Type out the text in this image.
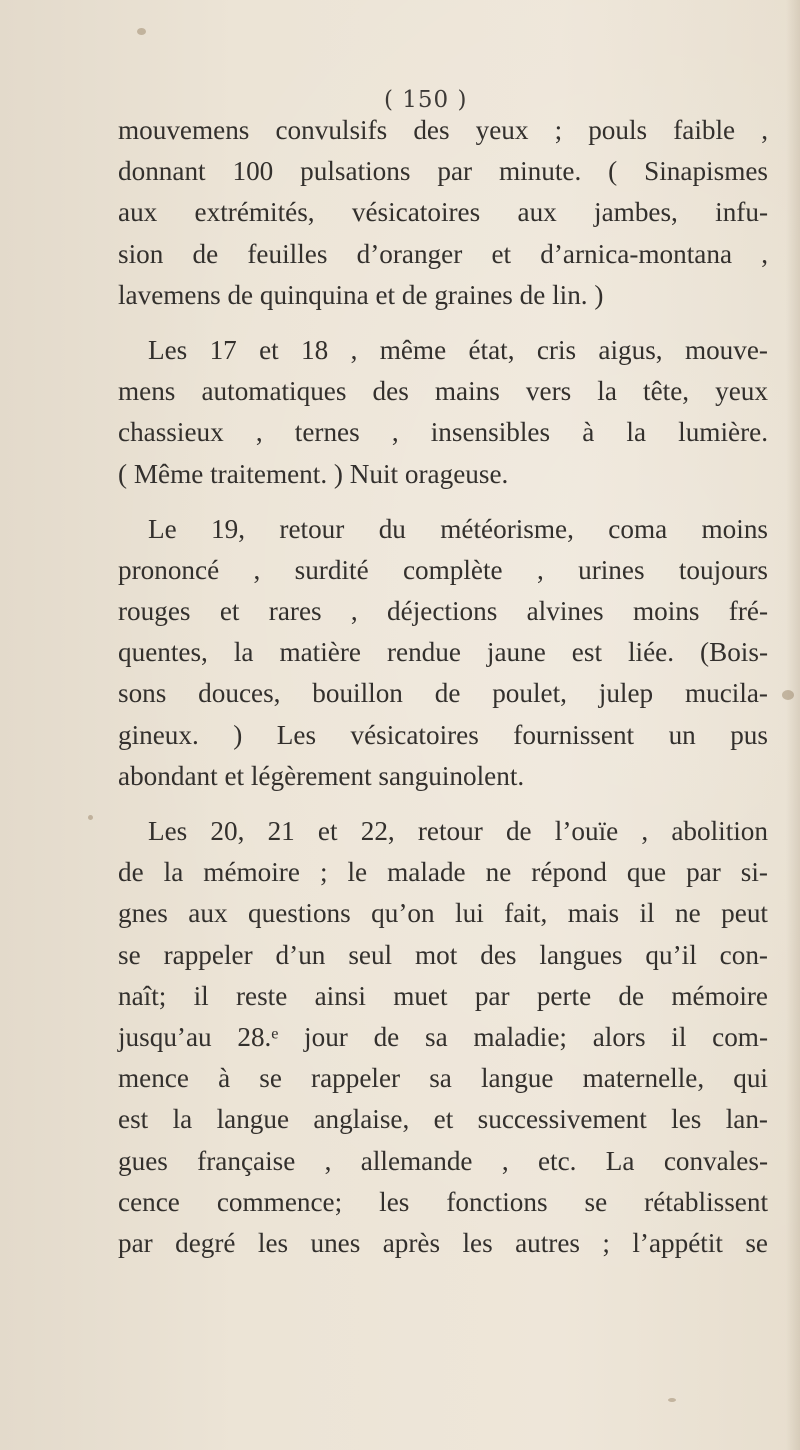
( 150 )
mouvemens convulsifs des yeux ; pouls faible ,
donnant 100 pulsations par minute. ( Sinapismes
aux extrémités, vésicatoires aux jambes, infu-
sion de feuilles d’oranger et d’arnica-montana ,
lavemens de quinquina et de graines de lin. )
Les 17 et 18 , même état, cris aigus, mouve-
mens automatiques des mains vers la tête, yeux
chassieux , ternes , insensibles à la lumière.
( Même traitement. ) Nuit orageuse.
Le 19, retour du météorisme, coma moins
prononcé , surdité complète , urines toujours
rouges et rares , déjections alvines moins fré-
quentes, la matière rendue jaune est liée. (Bois-
sons douces, bouillon de poulet, julep mucila-
gineux. ) Les vésicatoires fournissent un pus
abondant et légèrement sanguinolent.
Les 20, 21 et 22, retour de l’ouïe , abolition
de la mémoire ; le malade ne répond que par si-
gnes aux questions qu’on lui fait, mais il ne peut
se rappeler d’un seul mot des langues qu’il con-
naît; il reste ainsi muet par perte de mémoire
jusqu’au 28.ᵉ jour de sa maladie; alors il com-
mence à se rappeler sa langue maternelle, qui
est la langue anglaise, et successivement les lan-
gues française , allemande , etc. La convales-
cence commence; les fonctions se rétablissent
par degré les unes après les autres ; l’appétit se
